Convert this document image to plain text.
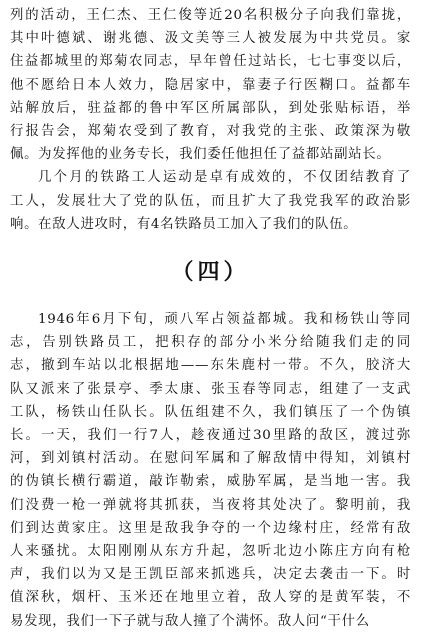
列的活动，王仁杰、王仁俊等近20名积极分子向我们靠拢，
其中叶德斌、谢兆德、汲文美等三人被发展为中共党员。家
住益都城里的郑菊农同志，早年曾任过站长，七七事变以后，
他不愿给日本人效力，隐居家中，靠妻子行医糊口。益都车
站解放后，驻益都的鲁中军区所属部队，到处张贴标语，举
行报告会，郑菊农受到了教育，对我党的主张、政策深为敬
佩。为发挥他的业务专长，我们委任他担任了益都站副站长。
几个月的铁路工人运动是卓有成效的，不仅团结教育了
工人，发展壮大了党的队伍，而且扩大了我党我军的政治影
响。在敌人进攻时，有4名铁路员工加入了我们的队伍。
（四）
1946年6月下旬，顽八军占领益都城。我和杨铁山等同
志，告别铁路员工，把积存的部分小米分给随我们走的同
志，撤到车站以北根据地——东朱鹿村一带。不久，胶济大
队又派来了张景亭、季太康、张玉春等同志，组建了一支武
工队，杨铁山任队长。队伍组建不久，我们镇压了一个伪镇
长。一天，我们一行7人，趁夜通过30里路的敌区，渡过弥
河，到刘镇村活动。在慰问军属和了解敌情中得知，刘镇村
的伪镇长横行霸道，敲诈勒索，威胁军属，是当地一害。我
们没费一枪一弹就将其抓获，当夜将其处决了。黎明前，我
们到达黄家庄。这里是敌我争夺的一个边缘村庄，经常有敌
人来骚扰。太阳刚刚从东方升起，忽听北边小陈庄方向有枪
声，我们以为又是王凯臣部来抓逃兵，决定去袭击一下。时
值深秋，烟杆、玉米还在地里立着，敌人穿的是黄军装，不
易发现，我们一下子就与敌人撞了个满怀。敌人问“干什么
